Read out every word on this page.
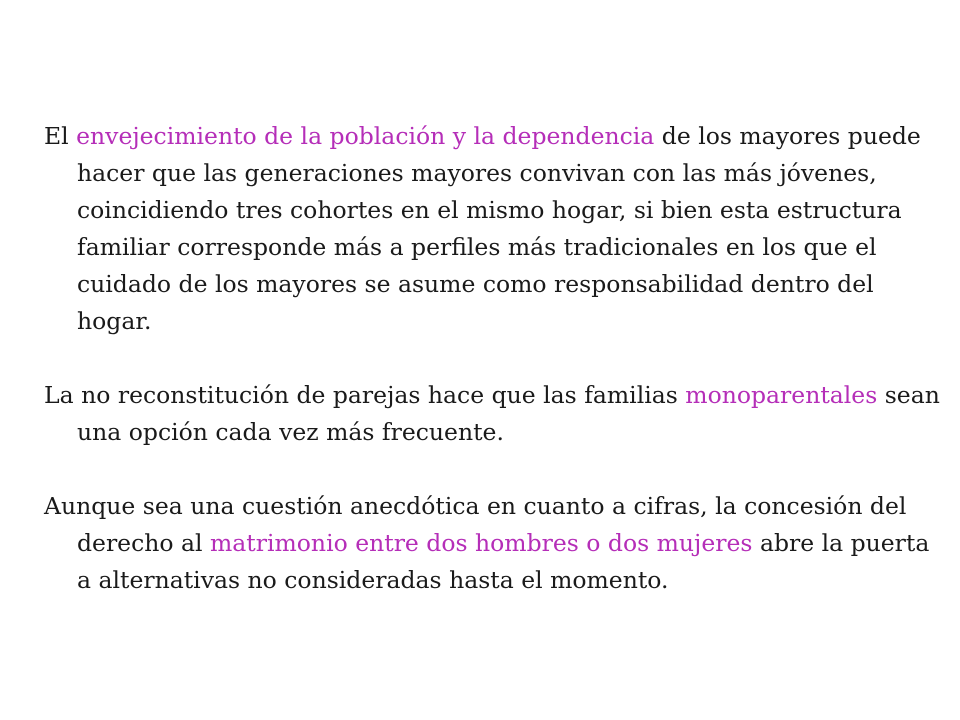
El envejecimiento de la población y la dependencia de los mayores puede hacer que las generaciones mayores convivan con las más jóvenes, coincidiendo tres cohortes en el mismo hogar, si bien esta estructura familiar corresponde más a perfiles más tradicionales en los que el cuidado de los mayores se asume como responsabilidad dentro del hogar.

La no reconstitución de parejas hace que las familias monoparentales sean una opción cada vez más frecuente.

Aunque sea una cuestión anecdótica en cuanto a cifras, la concesión del derecho al matrimonio entre dos hombres o dos mujeres abre la puerta a alternativas no consideradas hasta el momento.
